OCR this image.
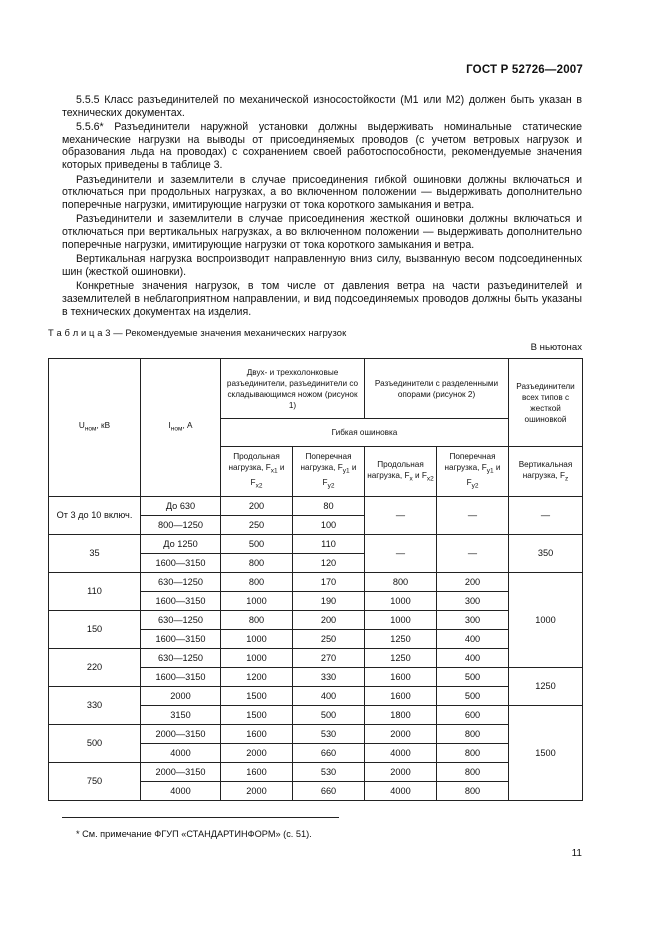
ГОСТ Р 52726—2007

5.5.5 Класс разъединителей по механической износостойкости (М1 или М2) должен быть указан в технических документах.

5.5.6* Разъединители наружной установки должны выдерживать номинальные статические механические нагрузки на выводы от присоединяемых проводов (с учетом ветровых нагрузок и образования льда на проводах) с сохранением своей работоспособности, рекомендуемые значения которых приведены в таблице 3.

Разъединители и заземлители в случае присоединения гибкой ошиновки должны включаться и отключаться при продольных нагрузках, а во включенном положении — выдерживать дополнительно поперечные нагрузки, имитирующие нагрузки от тока короткого замыкания и ветра.

Разъединители и заземлители в случае присоединения жесткой ошиновки должны включаться и отключаться при вертикальных нагрузках, а во включенном положении — выдерживать дополнительно поперечные нагрузки, имитирующие нагрузки от тока короткого замыкания и ветра.

Вертикальная нагрузка воспроизводит направленную вниз силу, вызванную весом подсоединенных шин (жесткой ошиновки).

Конкретные значения нагрузок, в том числе от давления ветра на части разъединителей и заземлителей в неблагоприятном направлении, и вид подсоединяемых проводов должны быть указаны в технических документах на изделия.

Т а б л и ц а 3 — Рекомендуемые значения механических нагрузок
В ньютонах
$U_{ном}$, кВ	$I_{ном}$, А	Двух- и трехколонковые разъединители, разъединители со складывающимся ножом (рисунок 1)		Разъединители с разделенными опорами (рисунок 2)		Разъединители всех типов с жесткой ошиновкой
		Гибкая ошиновка				
		Продольная нагрузка, $F_{x1}$ и $F_{x2}$	Поперечная нагрузка, $F_{y1}$ и $F_{y2}$	Продольная нагрузка, $F_x$ и $F_{x2}$	Поперечная нагрузка, $F_{y1}$ и $F_{y2}$	Вертикальная нагрузка, $F_z$
От 3 до 10 включ.	До 630	200	80	—	—	—
	800—1250	250	100			
35	До 1250	500	110	—	—	350
	1600—3150	800	120			
110	630—1250	800	170	800	200	1000
	1600—3150	1000	190	1000	300	
150	630—1250	800	200	1000	300	
	1600—3150	1000	250	1250	400	
220	630—1250	1000	270	1250	400	
	1600—3150	1200	330	1600	500	1250
330	2000	1500	400	1600	500	
	3150	1500	500	1800	600	1500
500	2000—3150	1600	530	2000	800	
	4000	2000	660	4000	800	
750	2000—3150	1600	530	2000	800	
	4000	2000	660	4000	800	
* См. примечание ФГУП «СТАНДАРТИНФОРМ» (с. 51).
11
